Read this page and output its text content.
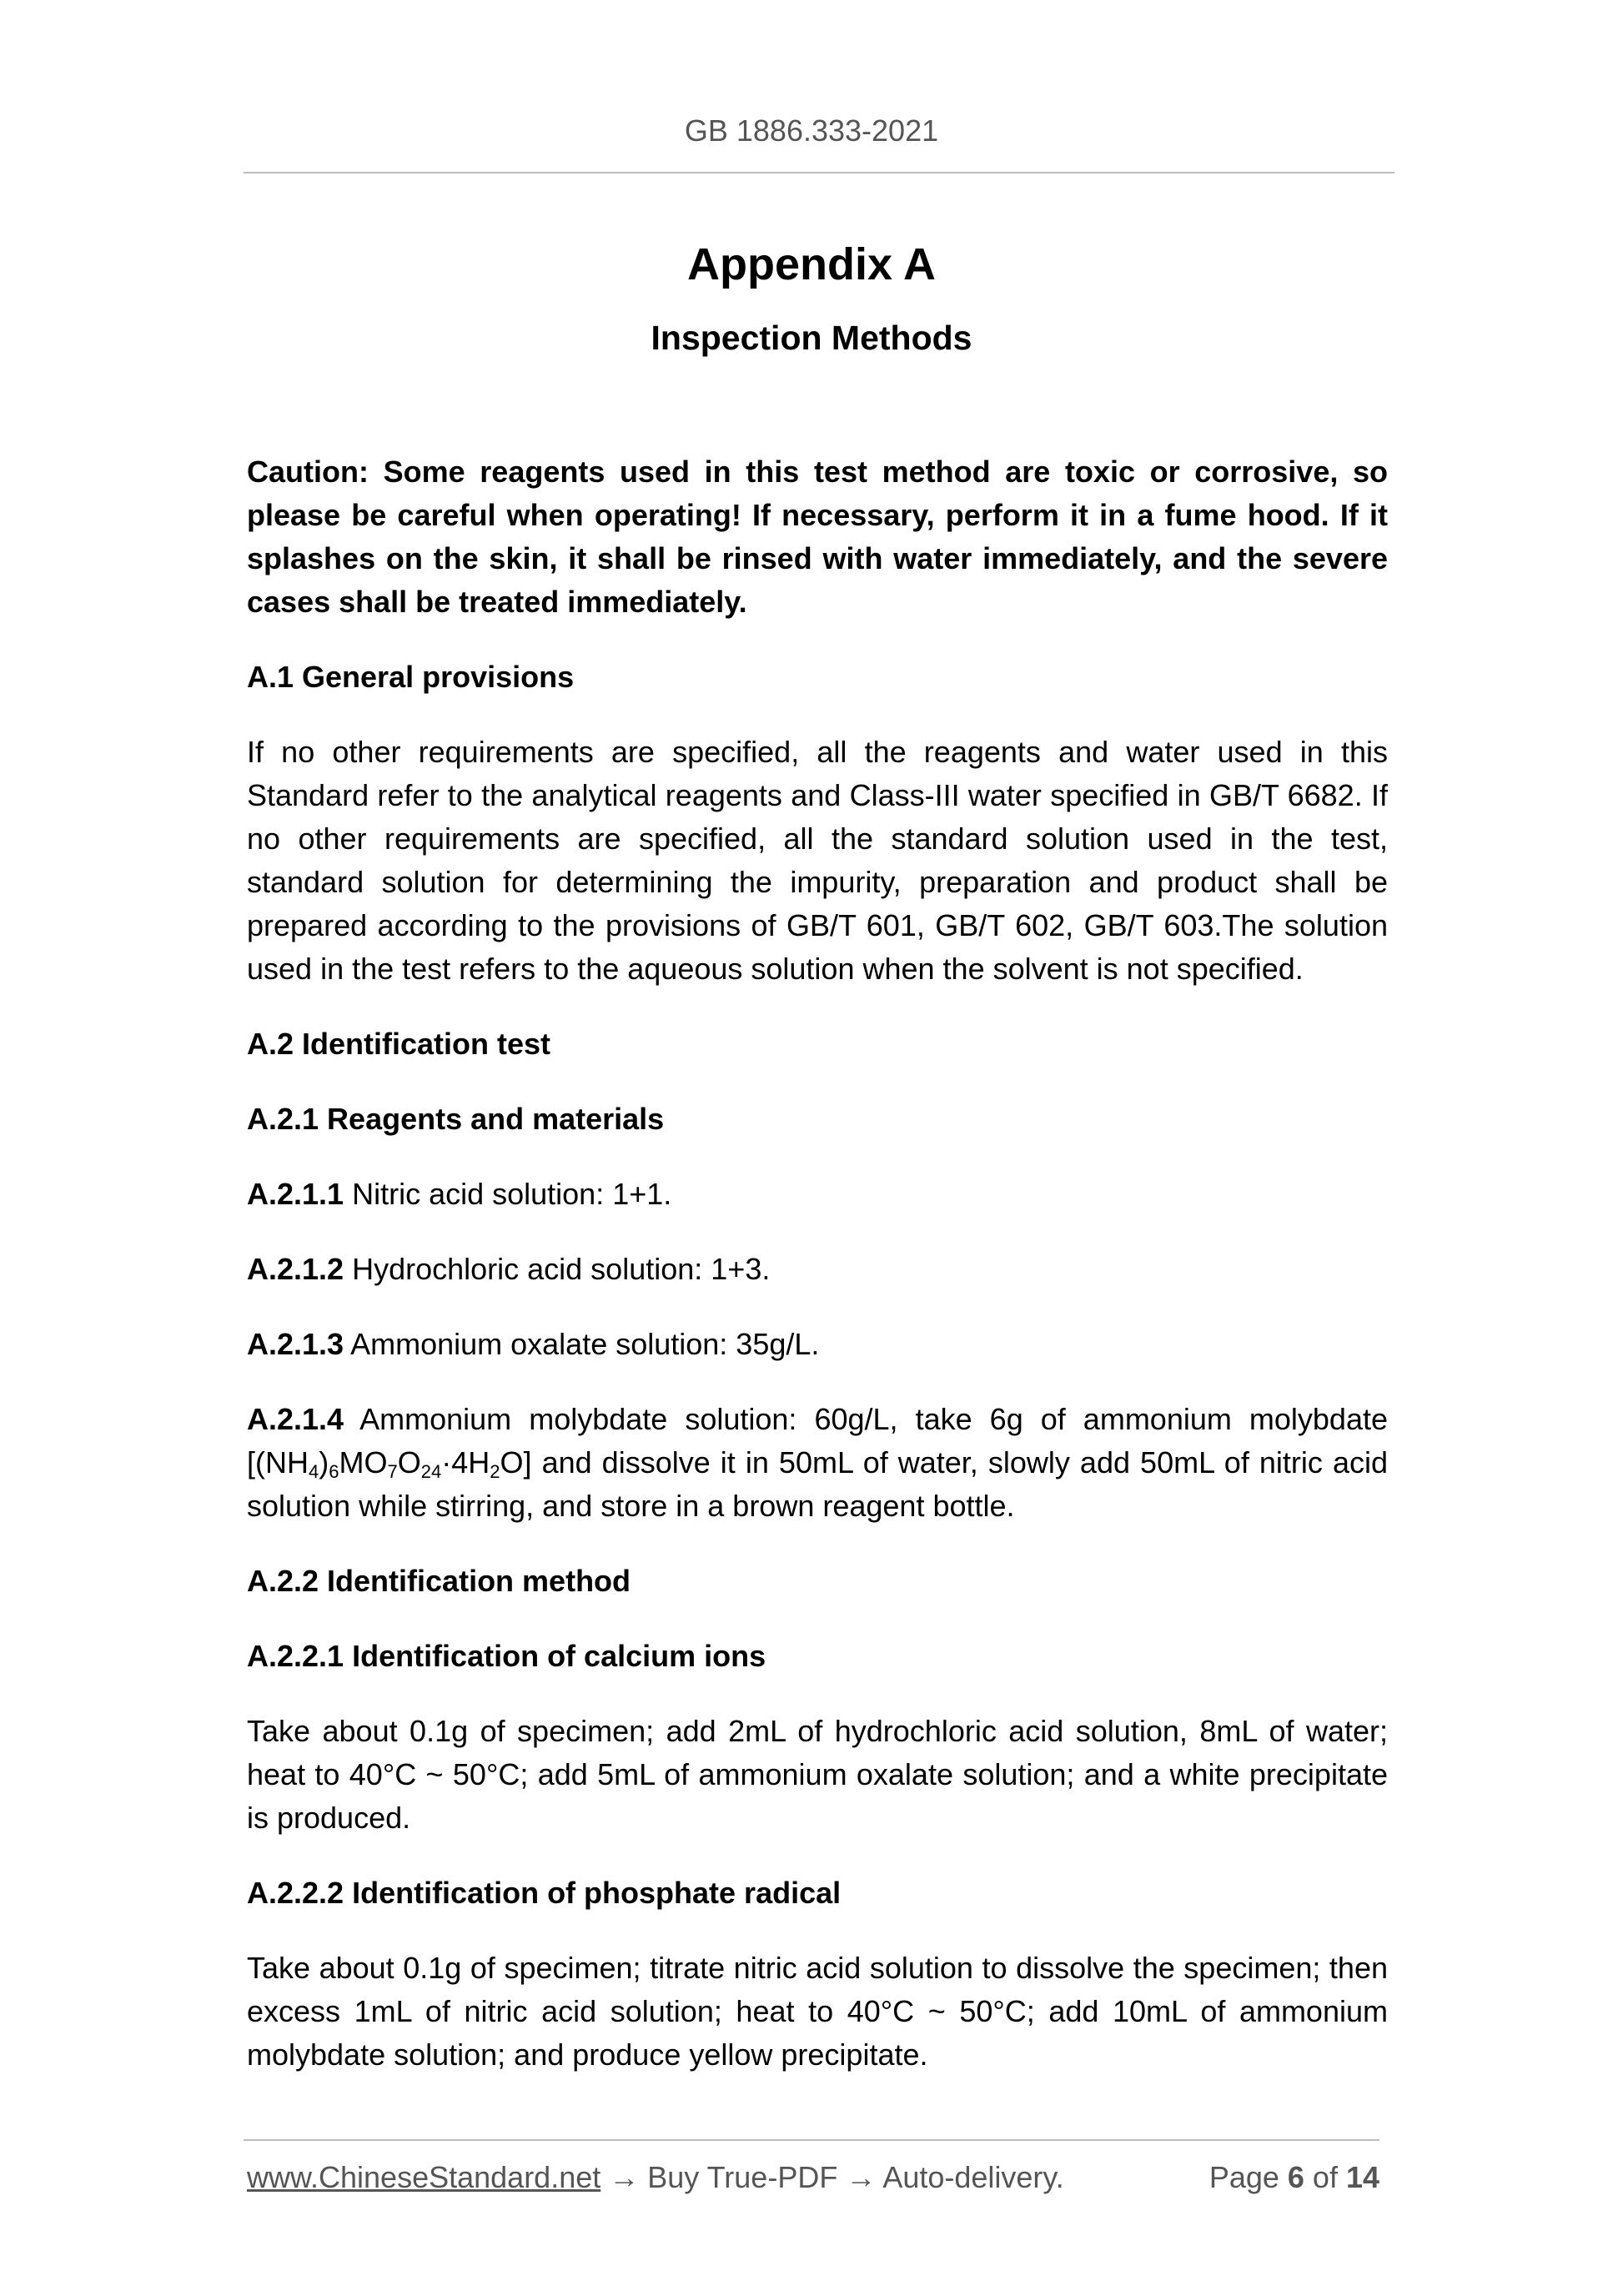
GB 1886.333-2021
Appendix A
Inspection Methods

Caution: Some reagents used in this test method are toxic or corrosive, so please be careful when operating! If necessary, perform it in a fume hood. If it splashes on the skin, it shall be rinsed with water immediately, and the severe cases shall be treated immediately.

A.1 General provisions

If no other requirements are specified, all the reagents and water used in this Standard refer to the analytical reagents and Class-III water specified in GB/T 6682. If no other requirements are specified, all the standard solution used in the test, standard solution for determining the impurity, preparation and product shall be prepared according to the provisions of GB/T 601, GB/T 602, GB/T 603.The solution used in the test refers to the aqueous solution when the solvent is not specified.

A.2 Identification test
A.2.1 Reagents and materials

A.2.1.1 Nitric acid solution: 1+1.

A.2.1.2 Hydrochloric acid solution: 1+3.

A.2.1.3 Ammonium oxalate solution: 35g/L.

A.2.1.4 Ammonium molybdate solution: 60g/L, take 6g of ammonium molybdate $[(NH_4)_6MO_7O_{24}\cdot 4H_2O]$ and dissolve it in 50mL of water, slowly add 50mL of nitric acid solution while stirring, and store in a brown reagent bottle.

A.2.2 Identification method
A.2.2.1 Identification of calcium ions

Take about 0.1g of specimen; add 2mL of hydrochloric acid solution, 8mL of water; heat to 40°C ~ 50°C; add 5mL of ammonium oxalate solution; and a white precipitate is produced.

A.2.2.2 Identification of phosphate radical

Take about 0.1g of specimen; titrate nitric acid solution to dissolve the specimen; then excess 1mL of nitric acid solution; heat to 40°C ~ 50°C; add 10mL of ammonium molybdate solution; and produce yellow precipitate.

www.ChineseStandard.net → Buy True-PDF → Auto-delivery.	Page 6 of 14
